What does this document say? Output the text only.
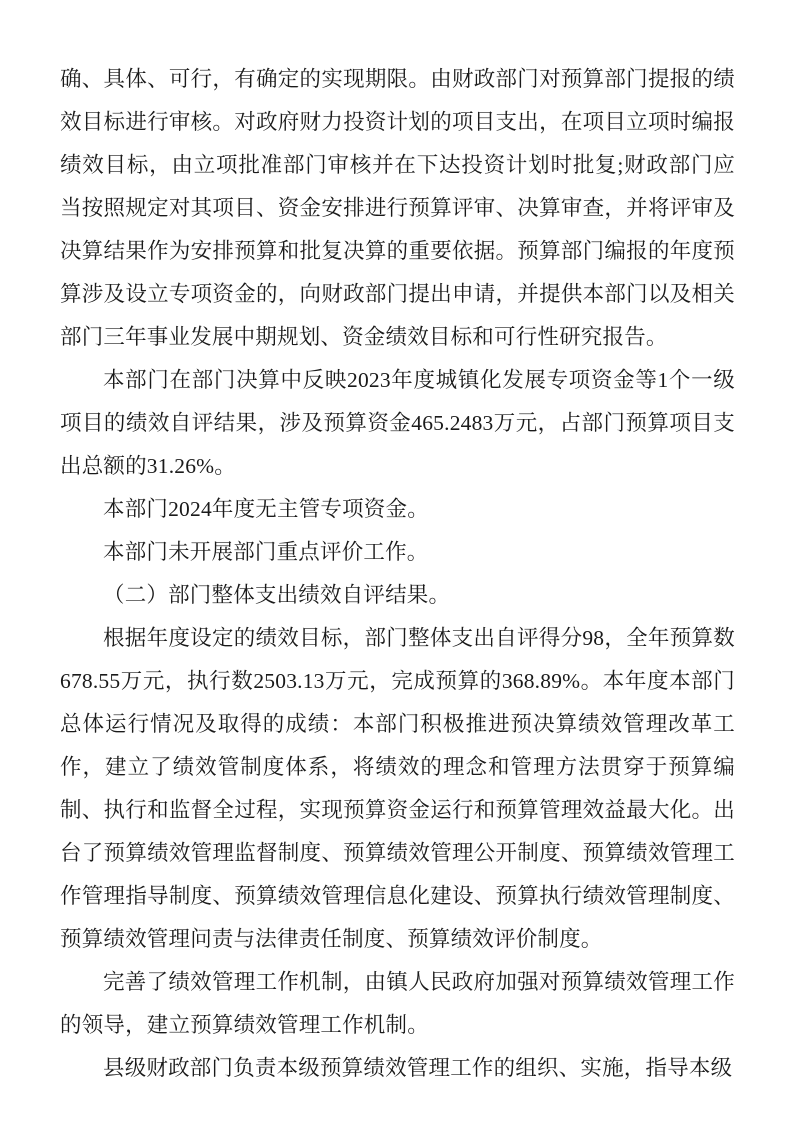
确、具体、可行，有确定的实现期限。由财政部门对预算部门提报的绩效目标进行审核。对政府财力投资计划的项目支出，在项目立项时编报绩效目标，由立项批准部门审核并在下达投资计划时批复;财政部门应当按照规定对其项目、资金安排进行预算评审、决算审查，并将评审及决算结果作为安排预算和批复决算的重要依据。预算部门编报的年度预算涉及设立专项资金的，向财政部门提出申请，并提供本部门以及相关部门三年事业发展中期规划、资金绩效目标和可行性研究报告。

本部门在部门决算中反映2023年度城镇化发展专项资金等1个一级项目的绩效自评结果，涉及预算资金465.2483万元，占部门预算项目支出总额的31.26%。

本部门2024年度无主管专项资金。

本部门未开展部门重点评价工作。

（二）部门整体支出绩效自评结果。

根据年度设定的绩效目标，部门整体支出自评得分98，全年预算数678.55万元，执行数2503.13万元，完成预算的368.89%。本年度本部门总体运行情况及取得的成绩：本部门积极推进预决算绩效管理改革工作，建立了绩效管制度体系，将绩效的理念和管理方法贯穿于预算编制、执行和监督全过程，实现预算资金运行和预算管理效益最大化。出台了预算绩效管理监督制度、预算绩效管理公开制度、预算绩效管理工作管理指导制度、预算绩效管理信息化建设、预算执行绩效管理制度、预算绩效管理问责与法律责任制度、预算绩效评价制度。

完善了绩效管理工作机制，由镇人民政府加强对预算绩效管理工作的领导，建立预算绩效管理工作机制。

县级财政部门负责本级预算绩效管理工作的组织、实施，指导本级
